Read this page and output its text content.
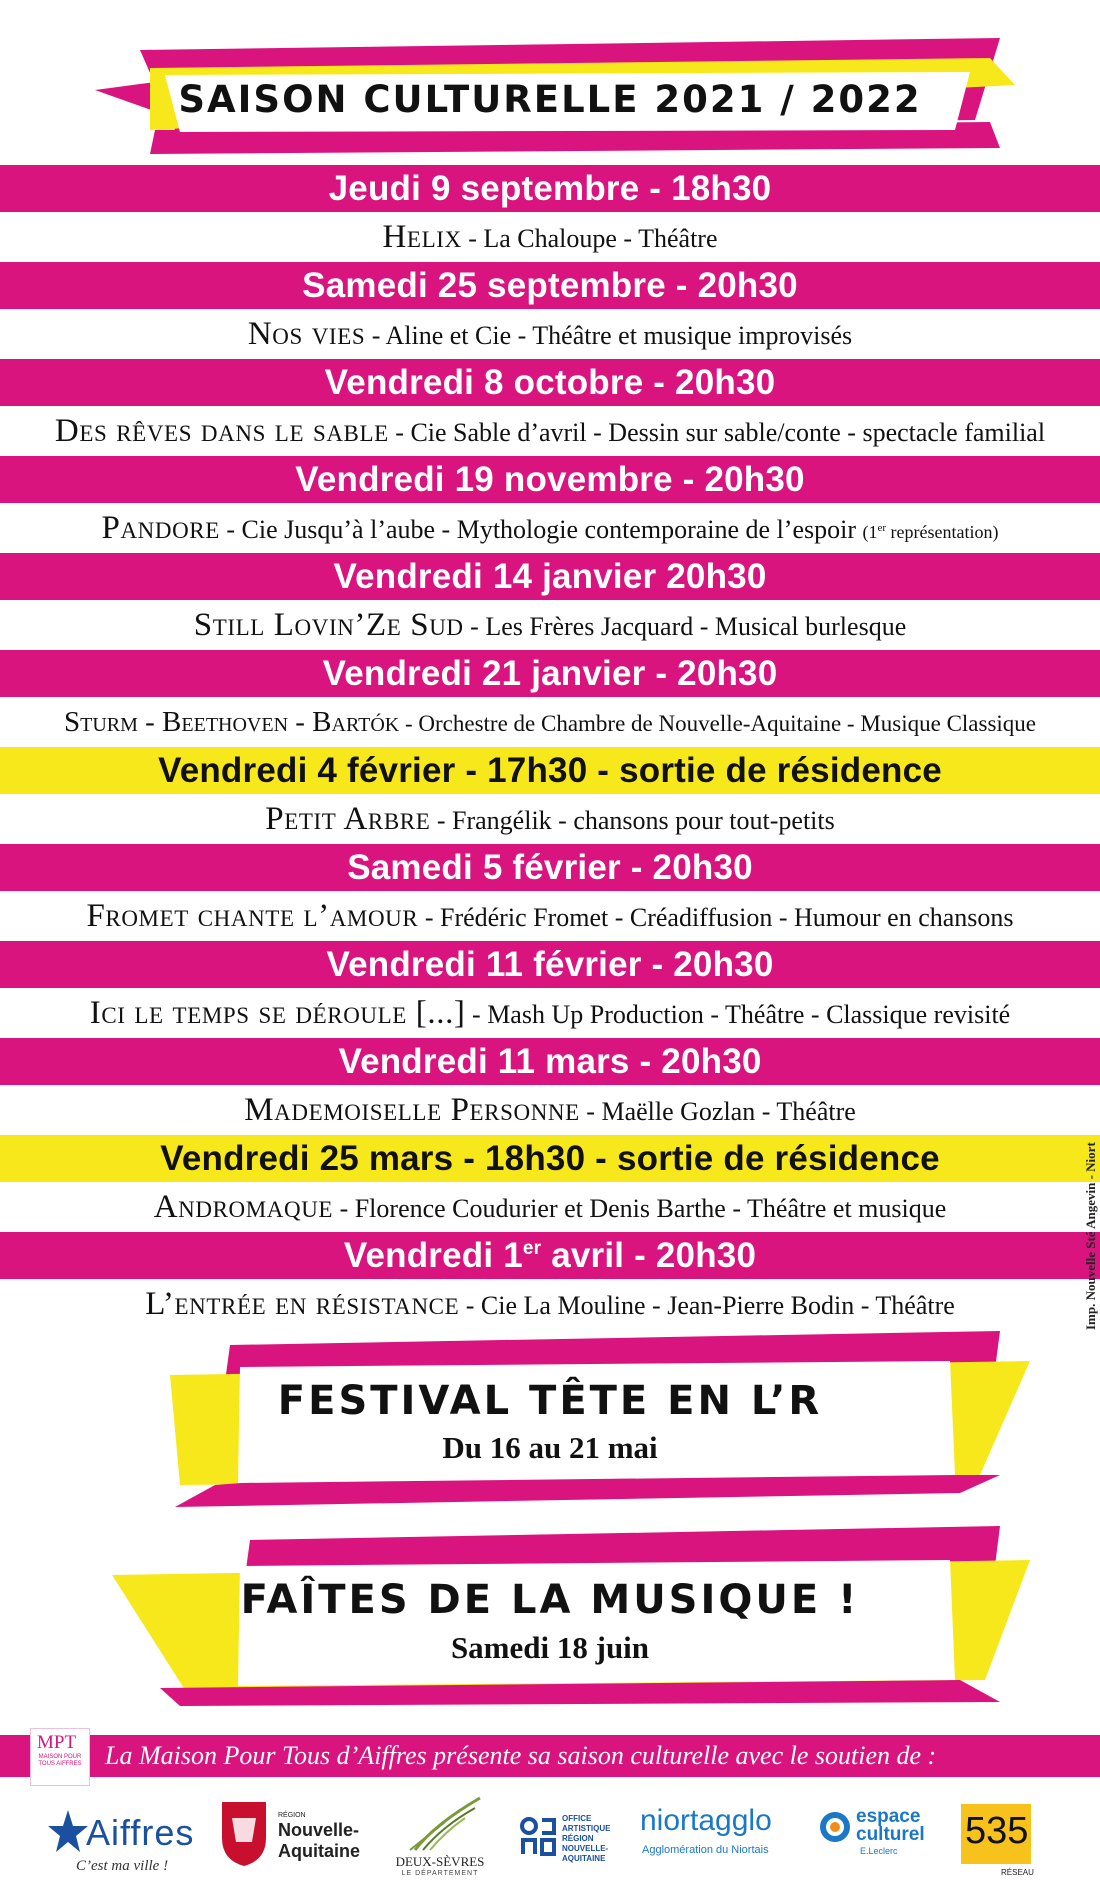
SAISON CULTURELLE 2021 / 2022
Jeudi 9 septembre - 18h30
Helix - La Chaloupe - Théâtre
Samedi 25 septembre - 20h30
Nos vies - Aline et Cie - Théâtre et musique improvisés
Vendredi 8 octobre - 20h30
Des rêves dans le sable - Cie Sable d’avril - Dessin sur sable/conte - spectacle familial
Vendredi 19 novembre - 20h30
Pandore - Cie Jusqu’à l’aube - Mythologie contemporaine de l’espoir (1er représentation)
Vendredi 14 janvier 20h30
Still Lovin’Ze Sud - Les Frères Jacquard - Musical burlesque
Vendredi 21 janvier - 20h30
Sturm - Beethoven - Bartók - Orchestre de Chambre de Nouvelle-Aquitaine - Musique Classique
Vendredi 4 février - 17h30 - sortie de résidence
Petit Arbre - Frangélik - chansons pour tout-petits
Samedi 5 février - 20h30
Fromet chante l’amour - Frédéric Fromet - Créadiffusion - Humour en chansons
Vendredi 11 février - 20h30
Ici le temps se déroule [...] - Mash Up Production - Théâtre - Classique revisité
Vendredi 11 mars - 20h30
Mademoiselle Personne - Maëlle Gozlan - Théâtre
Vendredi 25 mars - 18h30 - sortie de résidence
Andromaque - Florence Coudurier et Denis Barthe - Théâtre et musique
Vendredi 1er avril - 20h30
L’entrée en résistance - Cie La Mouline - Jean-Pierre Bodin - Théâtre
FESTIVAL TÊTE EN L’R
Du 16 au 21 mai
FAÎTES DE LA MUSIQUE !
Samedi 18 juin
Imp. Nouvelle Sté Angevin - Niort
La Maison Pour Tous d’Aiffres présente sa saison culturelle avec le soutien de :
MPT
MAISON POUR TOUS AIFFRES
Aiffres
C’est ma ville !
RÉGION
Nouvelle-
Aquitaine
DEUX-SÈVRES
LE DÉPARTEMENT
OFFICE
ARTISTIQUE
RÉGION
NOUVELLE-
AQUITAINE
niortagglo
Agglomération du Niortais
espace
culturel
E.Leclerc 535
RÉSEAU
